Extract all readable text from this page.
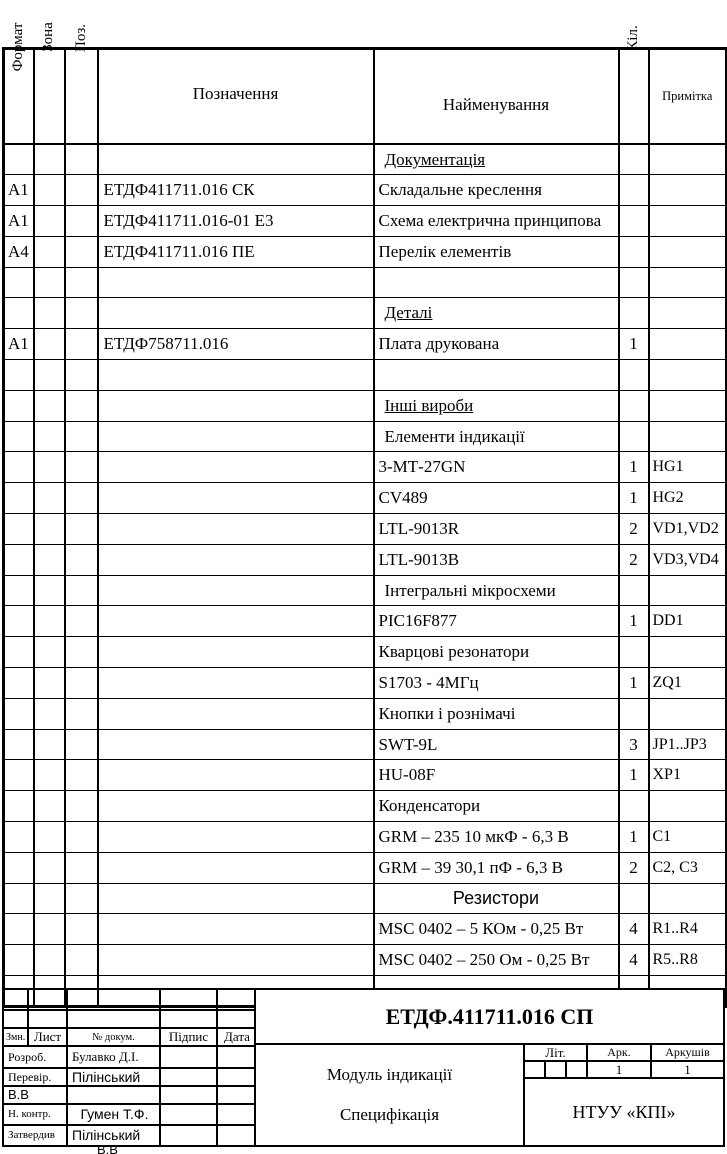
Формат Зона Поз.	Кіл.
			Позначення	Найменування		Примітка
				Документація		
А1			ЕТДФ411711.016 СК	Складальне креслення		
А1			ЕТДФ411711.016-01 Е3	Схема електрична принципова		
А4			ЕТДФ411711.016 ПЕ	Перелік елементів		

				Деталі		
А1			ЕТДФ758711.016	Плата друкована	1	

				Інші вироби		
				Елементи індикації		
				3-МТ-27GN	1	HG1
				CV489	1	HG2
				LTL-9013R	2	VD1,VD2
				LTL-9013B	2	VD3,VD4
				Інтегральні мікросхеми		
				PIC16F877	1	DD1
				Кварцові резонатори		
				S1703 - 4МГц	1	ZQ1
				Кнопки і рознімачі		
				SWT-9L	3	JP1..JP3
				HU-08F	1	XP1
				Конденсатори		
				GRM – 235 10 мкФ - 6,3 В	1	C1
				GRM – 39 30,1 пФ - 6,3 В	2	C2, C3
				Резистори		
				MSC 0402 – 5 КОм - 0,25 Вт	4	R1..R4
				MSC 0402 – 250 Ом - 0,25 Вт	4	R5..R8

Змн.	Лист	№ докум.	Підпис	Дата
Розроб.		Булавко Д.І.		
Перевір.		Пілінський		
В.В				
Н. контр.		Гумен Т.Ф.		
Затвердив		Пілінський		
ЕТДФ.411711.016 СП
Модуль індикації
Специфікація
Літ.	Арк.	Аркушів
1	1
НТУУ «КПІ»
В.В
